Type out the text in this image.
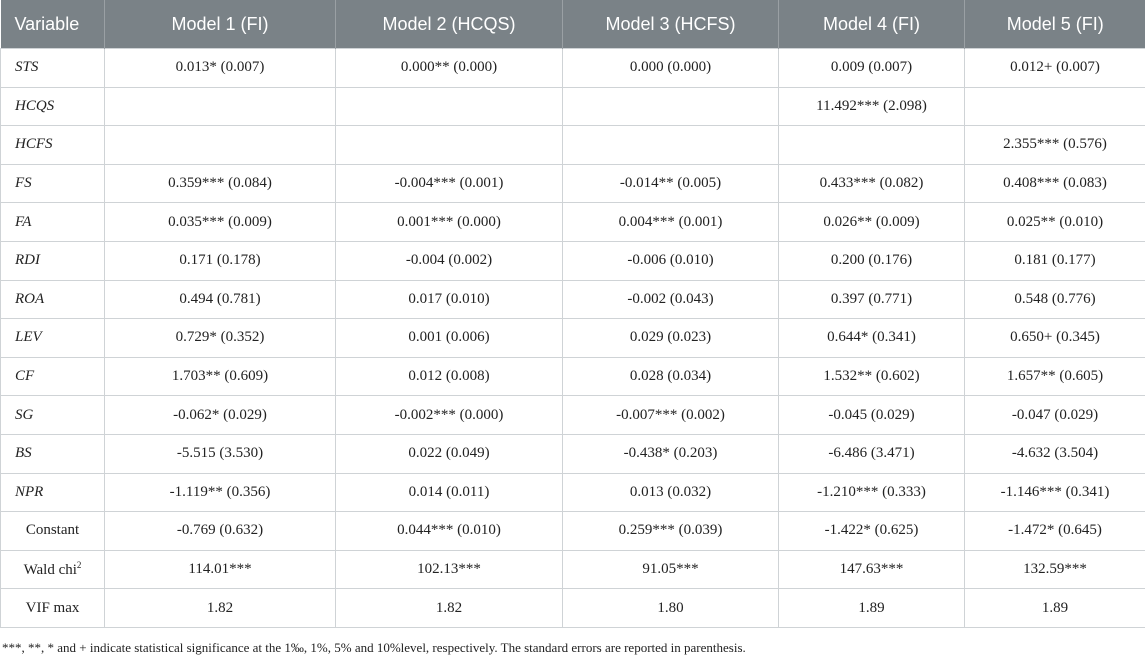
Variable	Model 1 (FI)	Model 2 (HCQS)	Model 3 (HCFS)	Model 4 (FI)	Model 5 (FI)
STS	0.013* (0.007)	0.000** (0.000)	0.000 (0.000)	0.009 (0.007)	0.012+ (0.007)
HCQS				11.492*** (2.098)	
HCFS					2.355*** (0.576)
FS	0.359*** (0.084)	-0.004*** (0.001)	-0.014** (0.005)	0.433*** (0.082)	0.408*** (0.083)
FA	0.035*** (0.009)	0.001*** (0.000)	0.004*** (0.001)	0.026** (0.009)	0.025** (0.010)
RDI	0.171 (0.178)	-0.004 (0.002)	-0.006 (0.010)	0.200 (0.176)	0.181 (0.177)
ROA	0.494 (0.781)	0.017 (0.010)	-0.002 (0.043)	0.397 (0.771)	0.548 (0.776)
LEV	0.729* (0.352)	0.001 (0.006)	0.029 (0.023)	0.644* (0.341)	0.650+ (0.345)
CF	1.703** (0.609)	0.012 (0.008)	0.028 (0.034)	1.532** (0.602)	1.657** (0.605)
SG	-0.062* (0.029)	-0.002*** (0.000)	-0.007*** (0.002)	-0.045 (0.029)	-0.047 (0.029)
BS	-5.515 (3.530)	0.022 (0.049)	-0.438* (0.203)	-6.486 (3.471)	-4.632 (3.504)
NPR	-1.119** (0.356)	0.014 (0.011)	0.013 (0.032)	-1.210*** (0.333)	-1.146*** (0.341)
Constant	-0.769 (0.632)	0.044*** (0.010)	0.259*** (0.039)	-1.422* (0.625)	-1.472* (0.645)
Wald chi$^2$	114.01***	102.13***	91.05***	147.63***	132.59***
VIF max	1.82	1.82	1.80	1.89	1.89
***, **, * and + indicate statistical significance at the 1‰, 1%, 5% and 10%level, respectively. The standard errors are reported in parenthesis.
